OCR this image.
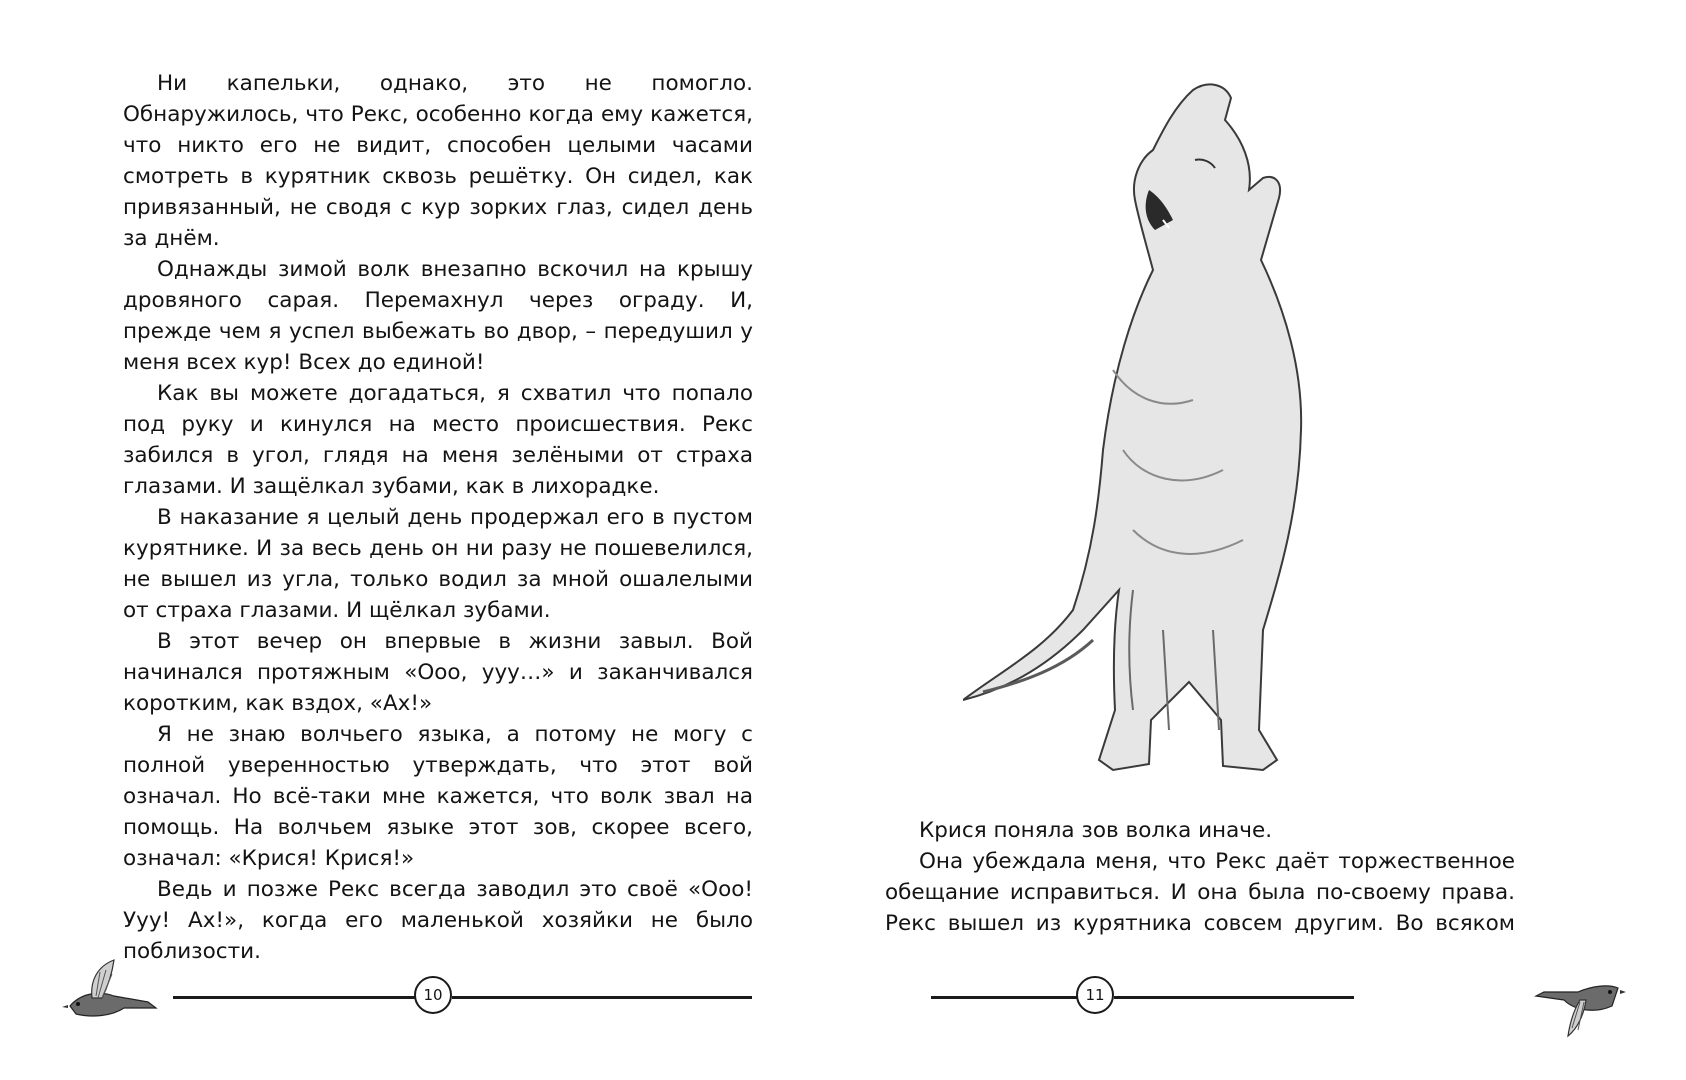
Ни капельки, однако, это не помогло. Обнаружилось, что Рекс, особенно когда ему кажется, что никто его не видит, способен целыми часами смотреть в курятник сквозь решётку. Он сидел, как привязанный, не сводя с кур зорких глаз, сидел день за днём.

Однажды зимой волк внезапно вскочил на крышу дровяного сарая. Перемахнул через ограду. И, прежде чем я успел выбежать во двор, – передушил у меня всех кур! Всех до единой!

Как вы можете догадаться, я схватил что попало под руку и кинулся на место происшествия. Рекс забился в угол, глядя на меня зелёными от страха глазами. И защёлкал зубами, как в лихорадке.

В наказание я целый день продержал его в пустом курятнике. И за весь день он ни разу не пошевелился, не вышел из угла, только водил за мной ошалелыми от страха глазами. И щёлкал зубами.

В этот вечер он впервые в жизни завыл. Вой начинался протяжным «Ооо, ууу…» и заканчивался коротким, как вздох, «Ах!»

Я не знаю волчьего языка, а потому не могу с полной уверенностью утверждать, что этот вой означал. Но всё-таки мне кажется, что волк звал на помощь. На волчьем языке этот зов, скорее всего, означал: «Крися! Крися!»

Ведь и позже Рекс всегда заводил это своё «Ооо! Ууу! Ах!», когда его маленькой хозяйки не было поблизости.

10

Крися поняла зов волка иначе.

Она убеждала меня, что Рекс даёт торжественное обещание исправиться. И она была по-своему права. Рекс вышел из курятника совсем другим. Во всяком

11
